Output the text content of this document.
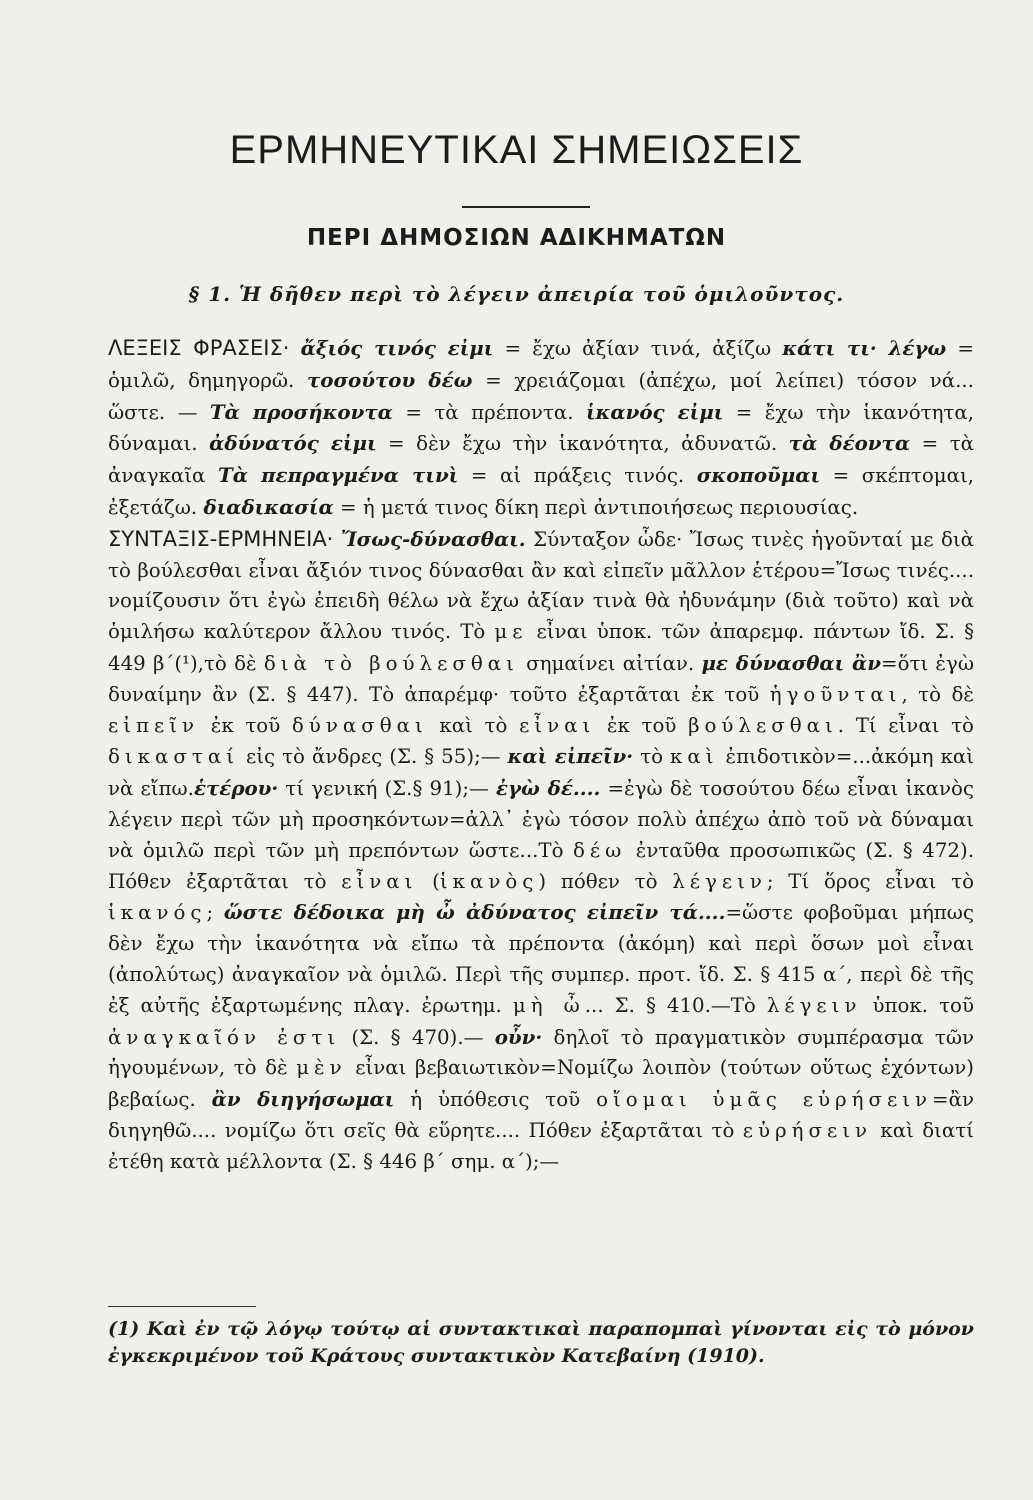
ΕΡΜΗΝΕΥΤΙΚΑΙ ΣΗΜΕΙΩΣΕΙΣ
ΠΕΡΙ ΔΗΜΟΣΙΩΝ ΑΔΙΚΗΜΑΤΩΝ
§ 1. Ἡ δῆθεν περὶ τὸ λέγειν ἀπειρία τοῦ ὁμιλοῦντος.

ΛΕΞΕΙΣ ΦΡΑΣΕΙΣ· ἄξιός τινός εἰμι = ἔχω ἀξίαν τινά, ἀξίζω κάτι τι· λέγω = ὁμιλῶ, δημηγορῶ. τοσούτου δέω = χρειάζομαι (ἀπέχω, μοί λείπει) τόσον νά... ὥστε. — Τὰ προσήκοντα = τὰ πρέποντα. ἱκανός εἰμι = ἔχω τὴν ἱκανότητα, δύναμαι. ἀδύνατός εἰμι = δὲν ἔχω τὴν ἱκανότητα, ἀδυνατῶ. τὰ δέοντα = τὰ ἀναγκαῖα Τὰ πεπραγμένα τινὶ = αἱ πράξεις τινός. σκοποῦμαι = σκέπτομαι, ἐξετάζω. διαδικασία = ἡ μετά τινος δίκη περὶ ἀντιποιήσεως περιουσίας.

ΣΥΝΤΑΞΙΣ-ΕΡΜΗΝΕΙΑ· Ἴσως-δύνασθαι. Σύνταξον ὧδε· Ἴσως τινὲς ἡγοῦνταί με διὰ τὸ βούλεσθαι εἶναι ἄξιόν τινος δύνασθαι ἂν καὶ εἰπεῖν μᾶλλον ἑτέρου=Ἴσως τινές.... νομίζουσιν ὅτι ἐγὼ ἐπειδὴ θέλω νὰ ἔχω ἀξίαν τινὰ θὰ ἠδυνάμην (διὰ τοῦτο) καὶ νὰ ὁμιλήσω καλύτερον ἄλλου τινός. Τὸ με εἶναι ὑποκ. τῶν ἀπαρεμφ. πάντων ἴδ. Σ. § 449 β΄(¹),τὸ δὲ διὰ τὸ βούλεσθαι σημαίνει αἰτίαν. με δύνασθαι ἂν=ὅτι ἐγὼ δυναίμην ἂν (Σ. § 447). Τὸ ἀπαρέμφ· τοῦτο ἐξαρτᾶται ἐκ τοῦ ἡγοῦνται, τὸ δὲ εἰπεῖν ἐκ τοῦ δύνασθαι καὶ τὸ εἶναι ἐκ τοῦ βούλεσθαι. Τί εἶναι τὸ δικασταί εἰς τὸ ἄνδρες (Σ. § 55);— καὶ εἰπεῖν· τὸ καὶ ἐπιδοτικὸν=...ἀκόμη καὶ νὰ εἴπω.ἑτέρου· τί γενική (Σ.§ 91);— ἐγὼ δέ.... =ἐγὼ δὲ τοσούτου δέω εἶναι ἱκανὸς λέγειν περὶ τῶν μὴ προσηκόντων=ἀλλ᾽ ἐγὼ τόσον πολὺ ἀπέχω ἀπὸ τοῦ νὰ δύναμαι νὰ ὁμιλῶ περὶ τῶν μὴ πρεπόντων ὥστε...Τὸ δέω ἐνταῦθα προσωπικῶς (Σ. § 472). Πόθεν ἐξαρτᾶται τὸ εἶναι (ἱκανὸς) πόθεν τὸ λέγειν; Τί ὅρος εἶναι τὸ ἱκανός; ὥστε δέδοικα μὴ ὦ ἀδύνατος εἰπεῖν τά....=ὥστε φοβοῦμαι μήπως δὲν ἔχω τὴν ἱκανότητα νὰ εἴπω τὰ πρέποντα (ἀκόμη) καὶ περὶ ὅσων μοὶ εἶναι (ἀπολύτως) ἀναγκαῖον νὰ ὁμιλῶ. Περὶ τῆς συμπερ. προτ. ἴδ. Σ. § 415 α΄, περὶ δὲ τῆς ἐξ αὐτῆς ἐξαρτωμένης πλαγ. ἐρωτημ. μὴ ὦ... Σ. § 410.—Τὸ λέγειν ὑποκ. τοῦ ἀναγκαῖόν ἐστι (Σ. § 470).— οὖν· δηλοῖ τὸ πραγματικὸν συμπέρασμα τῶν ἡγουμένων, τὸ δὲ μὲν εἶναι βεβαιωτικὸν=Νομίζω λοιπὸν (τούτων οὕτως ἐχόντων) βεβαίως. ἂν διηγήσωμαι ἡ ὑπόθεσις τοῦ οἴομαι ὑμᾶς εὑρήσειν=ἂν διηγηθῶ.... νομίζω ὅτι σεῖς θὰ εὕρητε.... Πόθεν ἐξαρτᾶται τὸ εὑρήσειν καὶ διατί ἐτέθη κατὰ μέλλοντα (Σ. § 446 β΄ σημ. α΄);—

(1) Καὶ ἐν τῷ λόγῳ τούτῳ αἱ συντακτικαὶ παραπομπαὶ γίνονται εἰς τὸ μόνον ἐγκεκριμένον τοῦ Κράτους συντακτικὸν Κατεβαίνη (1910).
